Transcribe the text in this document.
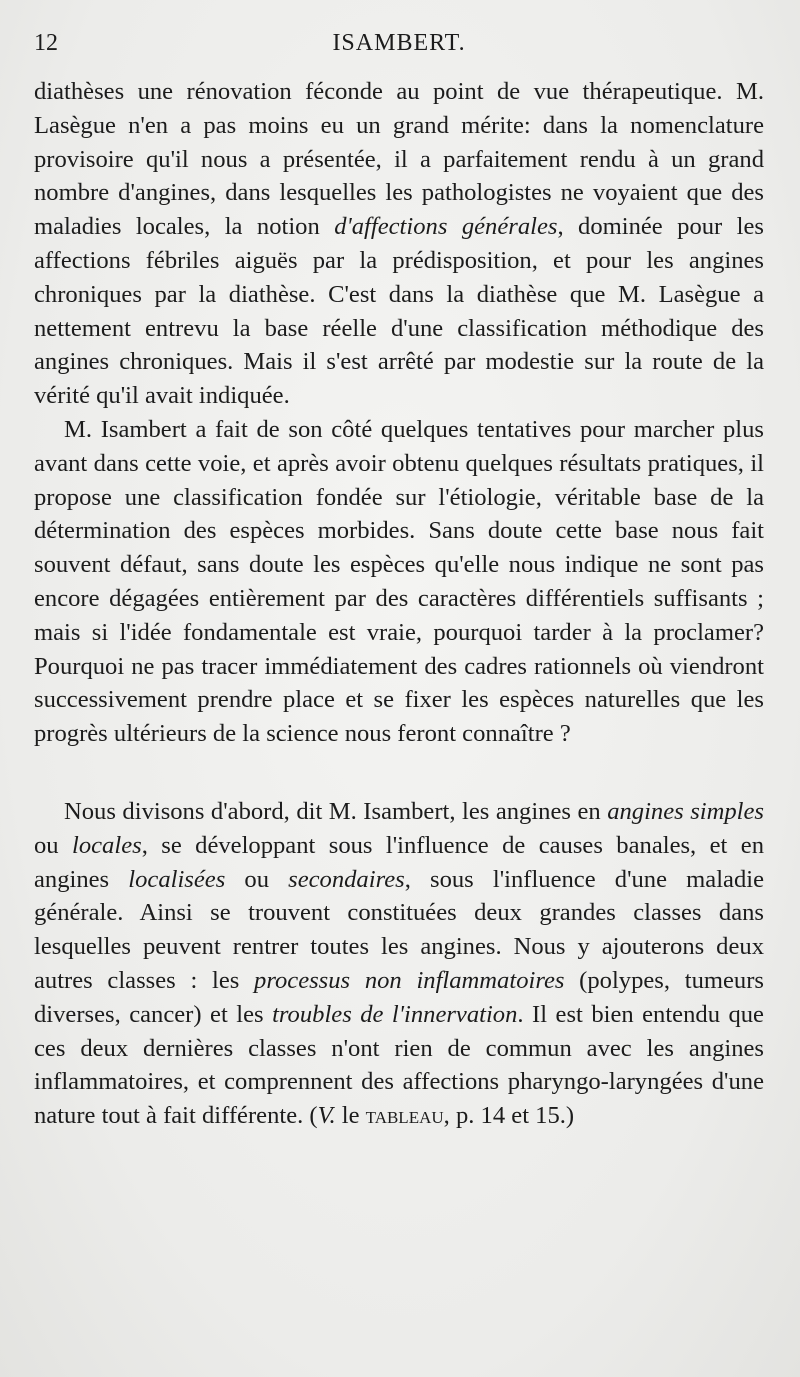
12	ISAMBERT.

diathèses une rénovation féconde au point de vue thérapeutique. M. Lasègue n'en a pas moins eu un grand mérite: dans la nomenclature provisoire qu'il nous a présentée, il a parfaitement rendu à un grand nombre d'angines, dans lesquelles les pathologistes ne voyaient que des maladies locales, la notion d'affections générales, dominée pour les affections fébriles aiguës par la prédisposition, et pour les angines chroniques par la diathèse. C'est dans la diathèse que M. Lasègue a nettement entrevu la base réelle d'une classification méthodique des angines chroniques. Mais il s'est arrêté par modestie sur la route de la vérité qu'il avait indiquée.

M. Isambert a fait de son côté quelques tentatives pour marcher plus avant dans cette voie, et après avoir obtenu quelques résultats pratiques, il propose une classification fondée sur l'étiologie, véritable base de la détermination des espèces morbides. Sans doute cette base nous fait souvent défaut, sans doute les espèces qu'elle nous indique ne sont pas encore dégagées entièrement par des caractères différentiels suffisants ; mais si l'idée fondamentale est vraie, pourquoi tarder à la proclamer? Pourquoi ne pas tracer immédiatement des cadres rationnels où viendront successivement prendre place et se fixer les espèces naturelles que les progrès ultérieurs de la science nous feront connaître ?

Nous divisons d'abord, dit M. Isambert, les angines en angines simples ou locales, se développant sous l'influence de causes banales, et en angines localisées ou secondaires, sous l'influence d'une maladie générale. Ainsi se trouvent constituées deux grandes classes dans lesquelles peuvent rentrer toutes les angines. Nous y ajouterons deux autres classes : les processus non inflammatoires (polypes, tumeurs diverses, cancer) et les troubles de l'innervation. Il est bien entendu que ces deux dernières classes n'ont rien de commun avec les angines inflammatoires, et comprennent des affections pharyngo-laryngées d'une nature tout à fait différente. (V. le tableau, p. 14 et 15.)
